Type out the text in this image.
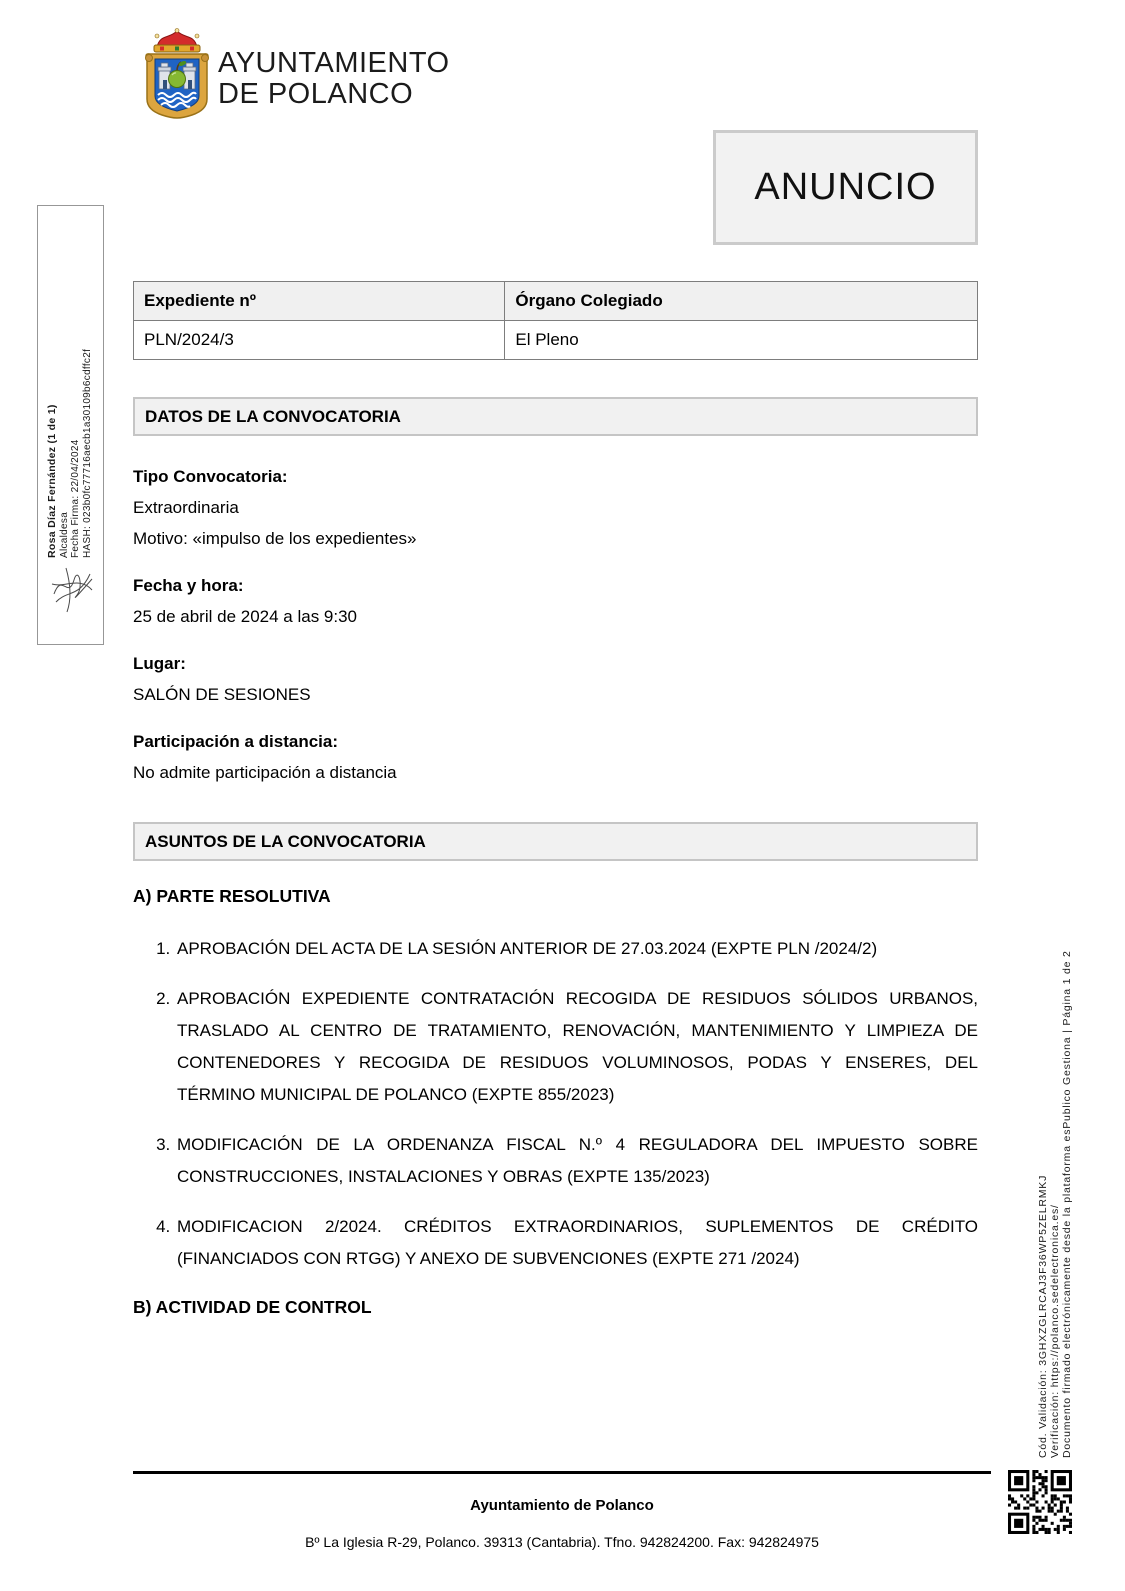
AYUNTAMIENTO
DE POLANCO
ANUNCIO
Rosa Díaz Fernández (1 de 1) Alcaldesa Fecha Firma: 22/04/2024 HASH: 023b0fc77716aecb1a30109b6cdffc2f
Expediente nº	Órgano Colegiado
PLN/2024/3	El Pleno
DATOS DE LA CONVOCATORIA
Tipo Convocatoria:
Extraordinaria
Motivo: «impulso de los expedientes»
Fecha y hora:
25 de abril de 2024 a las 9:30
Lugar:
SALÓN DE SESIONES
Participación a distancia:
No admite participación a distancia
ASUNTOS DE LA CONVOCATORIA
A) PARTE RESOLUTIVA
1. APROBACIÓN DEL ACTA DE LA SESIÓN ANTERIOR DE 27.03.2024 (EXPTE PLN /2024/2)
2. APROBACIÓN EXPEDIENTE CONTRATACIÓN RECOGIDA DE RESIDUOS SÓLIDOS URBANOS, TRASLADO AL CENTRO DE TRATAMIENTO, RENOVACIÓN, MANTENIMIENTO Y LIMPIEZA DE CONTENEDORES Y RECOGIDA DE RESIDUOS VOLUMINOSOS, PODAS Y ENSERES, DEL TÉRMINO MUNICIPAL DE POLANCO (EXPTE 855/2023)
3. MODIFICACIÓN DE LA ORDENANZA FISCAL N.º 4 REGULADORA DEL IMPUESTO SOBRE CONSTRUCCIONES, INSTALACIONES Y OBRAS (EXPTE 135/2023)
4. MODIFICACION 2/2024. CRÉDITOS EXTRAORDINARIOS, SUPLEMENTOS DE CRÉDITO (FINANCIADOS CON RTGG) Y ANEXO DE SUBVENCIONES (EXPTE 271 /2024)
B) ACTIVIDAD DE CONTROL
Ayuntamiento de Polanco
Bº La Iglesia R-29, Polanco. 39313 (Cantabria). Tfno. 942824200. Fax: 942824975
Cód. Validación: 3GHXZGLRCAJ3F36WP5ZELRMKJ Verificación: https://polanco.sedelectronica.es/ Documento firmado electrónicamente desde la plataforma esPublico Gestiona | Página 1 de 2
